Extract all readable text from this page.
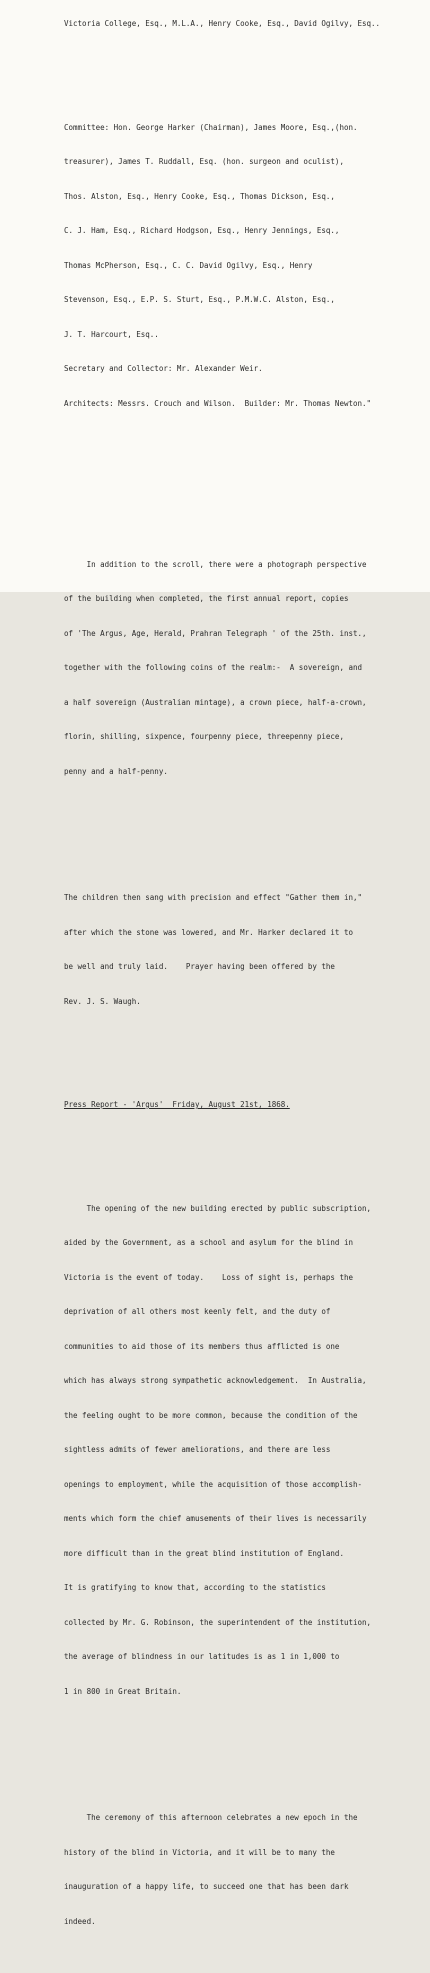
Victoria College, Esq., M.L.A., Henry Cooke, Esq., David Ogilvy, Esq..

Committee: Hon. George Harker (Chairman), James Moore, Esq.,(hon.

treasurer), James T. Ruddall, Esq. (hon. surgeon and oculist),

Thos. Alston, Esq., Henry Cooke, Esq., Thomas Dickson, Esq.,

C. J. Ham, Esq., Richard Hodgson, Esq., Henry Jennings, Esq.,

Thomas McPherson, Esq., C. C. David Ogilvy, Esq., Henry

Stevenson, Esq., E.P. S. Sturt, Esq., P.M.W.C. Alston, Esq.,

J. T. Harcourt, Esq..

Secretary and Collector: Mr. Alexander Weir.

Architects: Messrs. Crouch and Wilson.  Builder: Mr. Thomas Newton."

In addition to the scroll, there were a photograph perspective

of the building when completed, the first annual report, copies

of 'The Argus, Age, Herald, Prahran Telegraph ' of the 25th. inst.,

together with the following coins of the realm:-  A sovereign, and

a half sovereign (Australian mintage), a crown piece, half-a-crown,

florin, shilling, sixpence, fourpenny piece, threepenny piece,

penny and a half-penny.

The children then sang with precision and effect "Gather them in,"

after which the stone was lowered, and Mr. Harker declared it to

be well and truly laid.    Prayer having been offered by the

Rev. J. S. Waugh.

Press Report - 'Argus'  Friday, August 21st, 1868.

The opening of the new building erected by public subscription,

aided by the Government, as a school and asylum for the blind in

Victoria is the event of today.    Loss of sight is, perhaps the

deprivation of all others most keenly felt, and the duty of

communities to aid those of its members thus afflicted is one

which has always strong sympathetic acknowledgement.  In Australia,

the feeling ought to be more common, because the condition of the

sightless admits of fewer ameliorations, and there are less

openings to employment, while the acquisition of those accomplish-

ments which form the chief amusements of their lives is necessarily

more difficult than in the great blind institution of England.

It is gratifying to know that, according to the statistics

collected by Mr. G. Robinson, the superintendent of the institution,

the average of blindness in our latitudes is as 1 in 1,000 to

1 in 800 in Great Britain.

The ceremony of this afternoon celebrates a new epoch in the

history of the blind in Victoria, and it will be to many the

inauguration of a happy life, to succeed one that has been dark

indeed.
